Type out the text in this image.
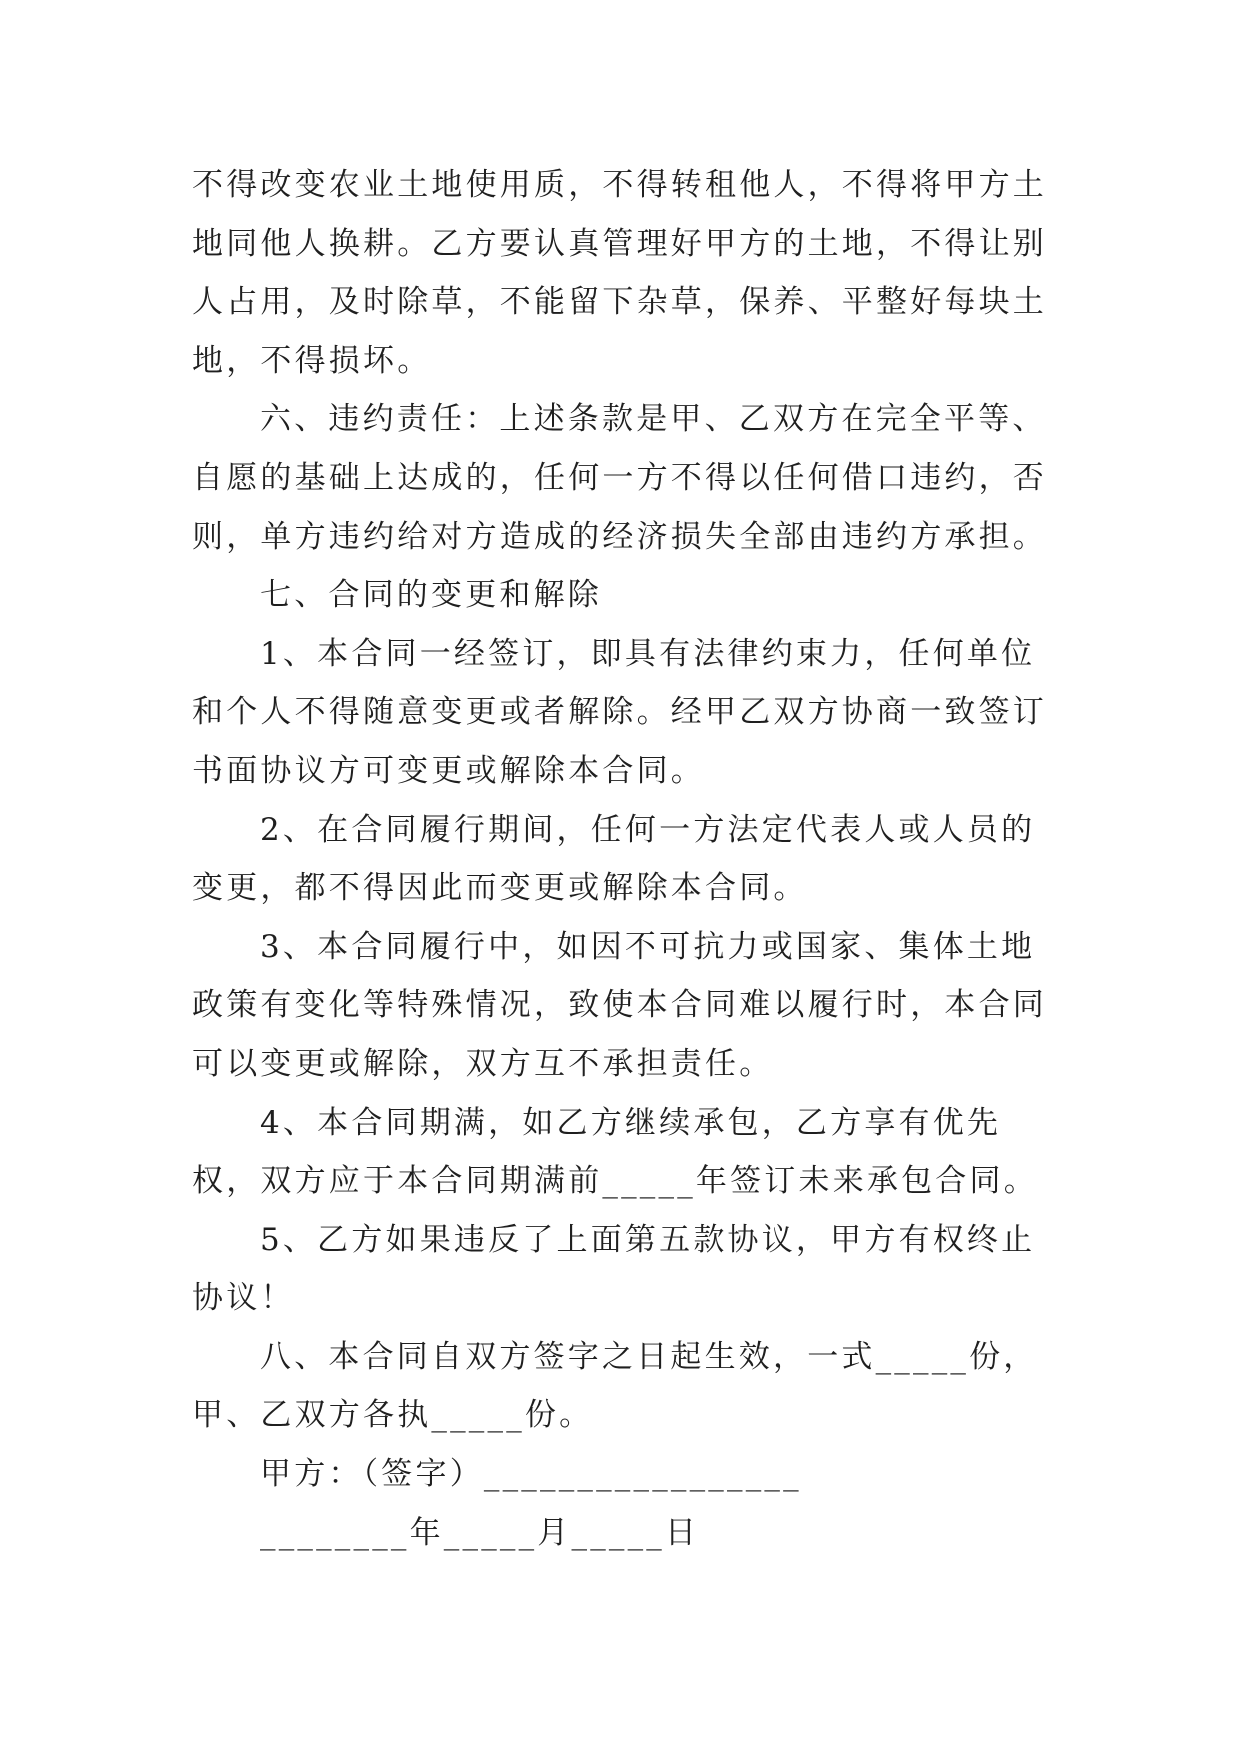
不得改变农业土地使用质，不得转租他人，不得将甲方土地同他人换耕。乙方要认真管理好甲方的土地，不得让别人占用，及时除草，不能留下杂草，保养、平整好每块土地，不得损坏。

六、违约责任：上述条款是甲、乙双方在完全平等、自愿的基础上达成的，任何一方不得以任何借口违约，否则，单方违约给对方造成的经济损失全部由违约方承担。

七、合同的变更和解除

1、本合同一经签订，即具有法律约束力，任何单位和个人不得随意变更或者解除。经甲乙双方协商一致签订书面协议方可变更或解除本合同。

2、在合同履行期间，任何一方法定代表人或人员的变更，都不得因此而变更或解除本合同。

3、本合同履行中，如因不可抗力或国家、集体土地政策有变化等特殊情况，致使本合同难以履行时，本合同可以变更或解除，双方互不承担责任。

4、本合同期满，如乙方继续承包，乙方享有优先权，双方应于本合同期满前_____年签订未来承包合同。

5、乙方如果违反了上面第五款协议，甲方有权终止协议！

八、本合同自双方签字之日起生效，一式_____份，甲、乙双方各执_____份。

甲方：（签字）_________________

________年_____月_____日
